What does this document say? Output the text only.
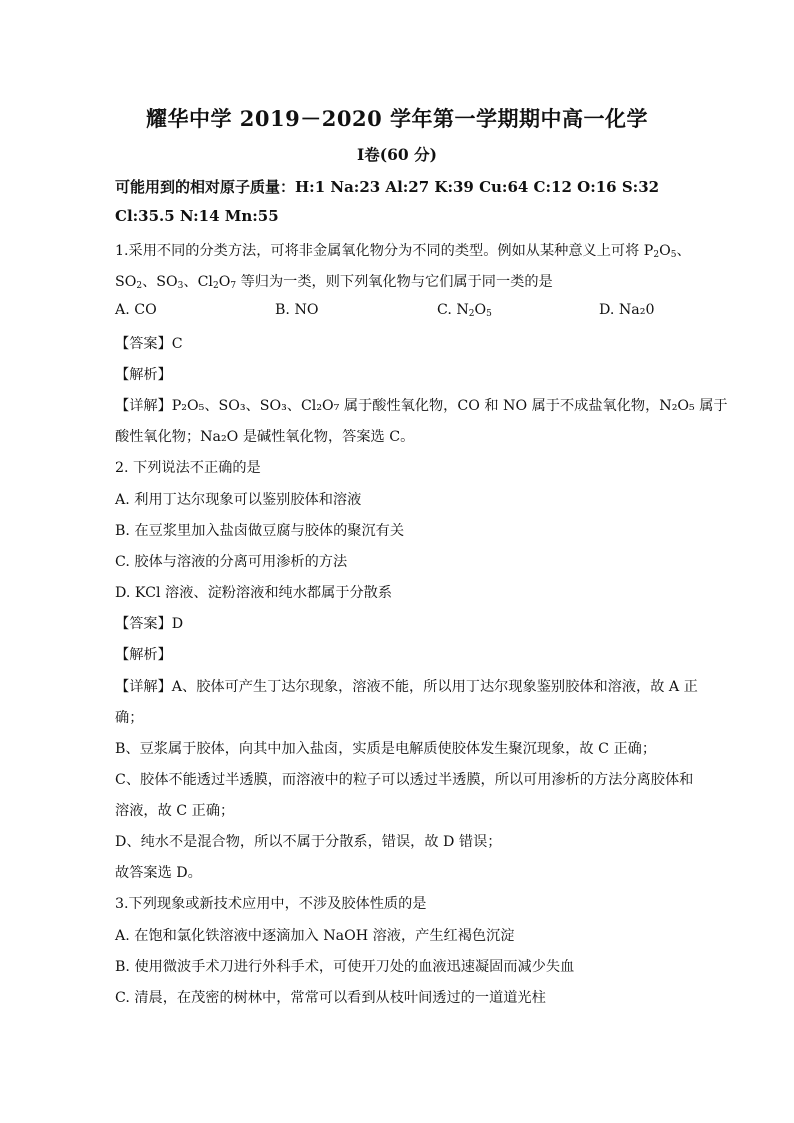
耀华中学 2019－2020 学年第一学期期中高一化学
Ⅰ卷(60 分)
可能用到的相对原子质量：H:1 Na:23 Al:27 K:39 Cu:64 C:12 O:16 S:32
Cl:35.5 N:14 Mn:55
1.采用不同的分类方法，可将非金属氧化物分为不同的类型。例如从某种意义上可将 $P_2O_5$、
$SO_2$、$SO_3$、$Cl_2O_7$ 等归为一类，则下列氧化物与它们属于同一类的是
A. CO	B. NO	C. $N_2O_5$	D. Na₂0
【答案】C
【解析】
【详解】P₂O₅、SO₃、SO₃、Cl₂O₇ 属于酸性氧化物，CO 和 NO 属于不成盐氧化物，N₂O₅ 属于
酸性氧化物；Na₂O 是碱性氧化物，答案选 C。
2. 下列说法不正确的是
A. 利用丁达尔现象可以鉴别胶体和溶液
B. 在豆浆里加入盐卤做豆腐与胶体的聚沉有关
C. 胶体与溶液的分离可用渗析的方法
D. KCl 溶液、淀粉溶液和纯水都属于分散系
【答案】D
【解析】
【详解】A、胶体可产生丁达尔现象，溶液不能，所以用丁达尔现象鉴别胶体和溶液，故 A 正
确；
B、豆浆属于胶体，向其中加入盐卤，实质是电解质使胶体发生聚沉现象，故 C 正确；
C、胶体不能透过半透膜，而溶液中的粒子可以透过半透膜，所以可用渗析的方法分离胶体和
溶液，故 C 正确；
D、纯水不是混合物，所以不属于分散系，错误，故 D 错误；
故答案选 D。
3.下列现象或新技术应用中，不涉及胶体性质的是
A. 在饱和氯化铁溶液中逐滴加入 NaOH 溶液，产生红褐色沉淀
B. 使用微波手术刀进行外科手术，可使开刀处的血液迅速凝固而减少失血
C. 清晨，在茂密的树林中，常常可以看到从枝叶间透过的一道道光柱
